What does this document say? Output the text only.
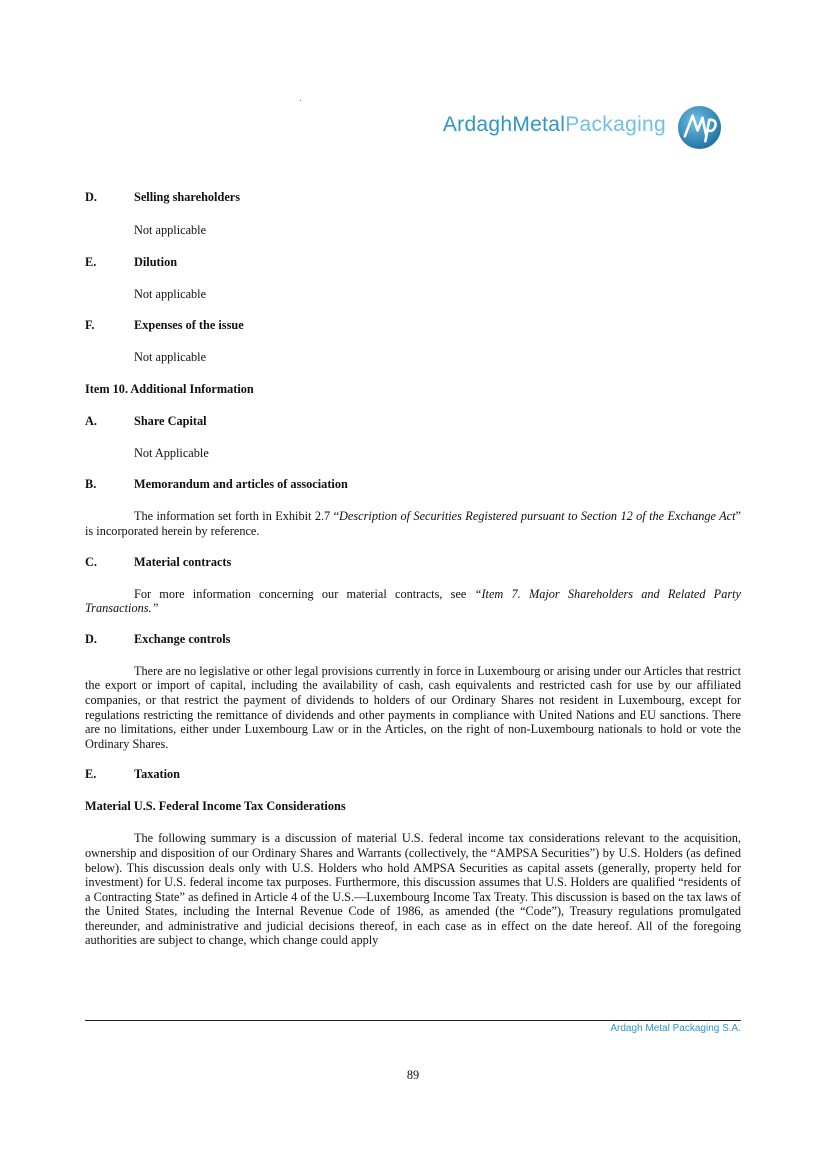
ArdaghMetalPackaging
D.	Selling shareholders
Not applicable
E.	Dilution
Not applicable
F.	Expenses of the issue
Not applicable
Item 10. Additional Information
A.	Share Capital
Not Applicable
B.	Memorandum and articles of association

The information set forth in Exhibit 2.7 “Description of Securities Registered pursuant to Section 12 of the Exchange Act” is incorporated herein by reference.

C.	Material contracts

For more information concerning our material contracts, see “Item 7. Major Shareholders and Related Party Transactions.”

D.	Exchange controls

There are no legislative or other legal provisions currently in force in Luxembourg or arising under our Articles that restrict the export or import of capital, including the availability of cash, cash equivalents and restricted cash for use by our affiliated companies, or that restrict the payment of dividends to holders of our Ordinary Shares not resident in Luxembourg, except for regulations restricting the remittance of dividends and other payments in compliance with United Nations and EU sanctions. There are no limitations, either under Luxembourg Law or in the Articles, on the right of non-Luxembourg nationals to hold or vote the Ordinary Shares.

E.	Taxation
Material U.S. Federal Income Tax Considerations

The following summary is a discussion of material U.S. federal income tax considerations relevant to the acquisition, ownership and disposition of our Ordinary Shares and Warrants (collectively, the “AMPSA Securities”) by U.S. Holders (as defined below). This discussion deals only with U.S. Holders who hold AMPSA Securities as capital assets (generally, property held for investment) for U.S. federal income tax purposes. Furthermore, this discussion assumes that U.S. Holders are qualified “residents of a Contracting State” as defined in Article 4 of the U.S.—Luxembourg Income Tax Treaty. This discussion is based on the tax laws of the United States, including the Internal Revenue Code of 1986, as amended (the “Code”), Treasury regulations promulgated thereunder, and administrative and judicial decisions thereof, in each case as in effect on the date hereof. All of the foregoing authorities are subject to change, which change could apply

Ardagh Metal Packaging S.A.
89
